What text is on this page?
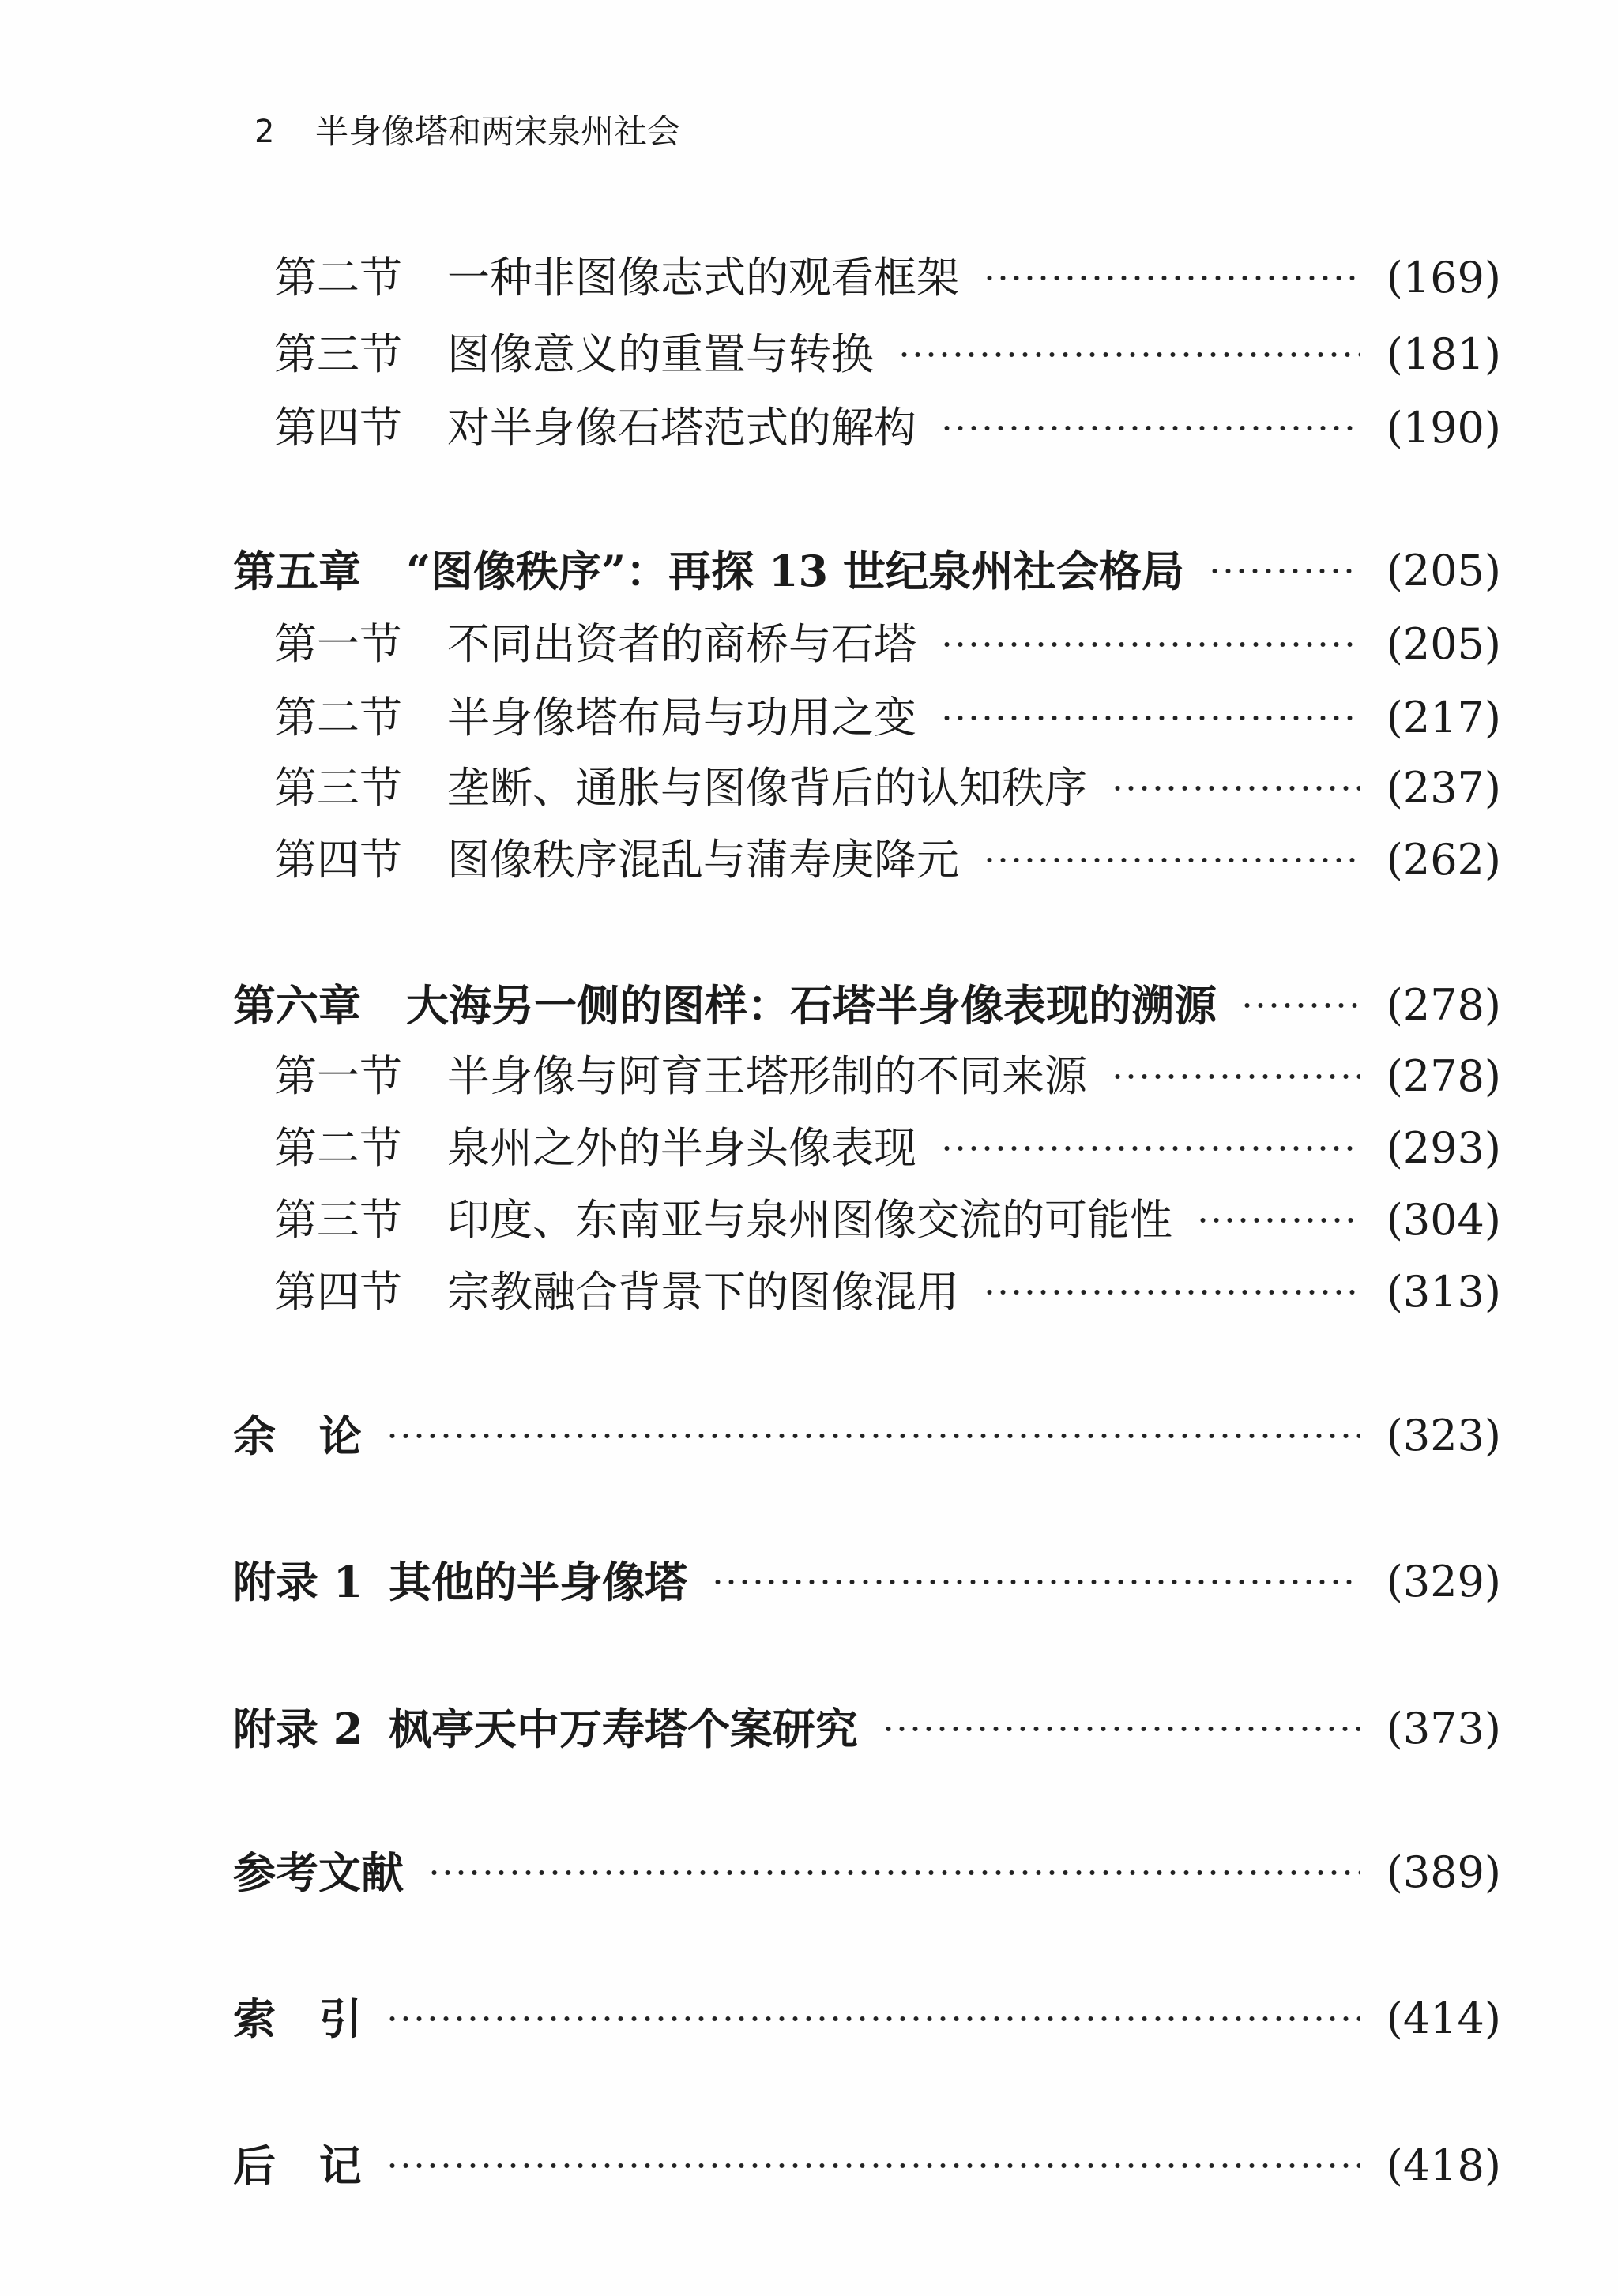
2 半身像塔和两宋泉州社会
第二节	一种非图像志式的观看框架	(169)
第三节	图像意义的重置与转换	(181)
第四节	对半身像石塔范式的解构	(190)
第五章	“图像秩序”：再探 13 世纪泉州社会格局	(205)
第一节	不同出资者的商桥与石塔	(205)
第二节	半身像塔布局与功用之变	(217)
第三节	垄断、通胀与图像背后的认知秩序	(237)
第四节	图像秩序混乱与蒲寿庚降元	(262)
第六章	大海另一侧的图样：石塔半身像表现的溯源	(278)
第一节	半身像与阿育王塔形制的不同来源	(278)
第二节	泉州之外的半身头像表现	(293)
第三节	印度、东南亚与泉州图像交流的可能性	(304)
第四节	宗教融合背景下的图像混用	(313)
余 论	(323)
附录 1 其他的半身像塔	(329)
附录 2 枫亭天中万寿塔个案研究	(373)
参考文献	(389)
索 引	(414)
后 记	(418)
